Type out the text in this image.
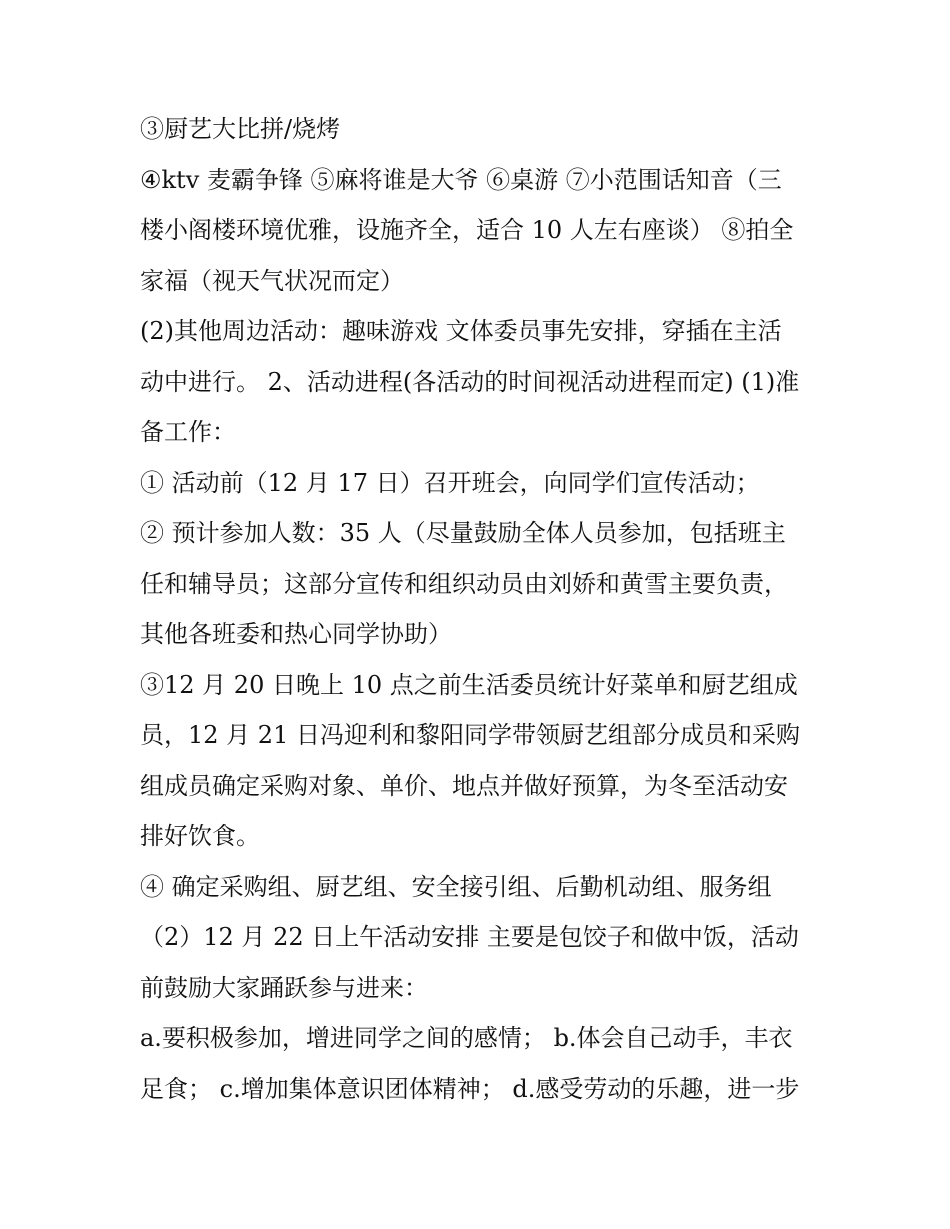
③厨艺大比拼/烧烤
④ktv 麦霸争锋 ⑤麻将谁是大爷 ⑥桌游 ⑦小范围话知音（三
楼小阁楼环境优雅，设施齐全，适合 10 人左右座谈） ⑧拍全
家福（视天气状况而定）
(2)其他周边活动：趣味游戏 文体委员事先安排，穿插在主活
动中进行。 2、活动进程(各活动的时间视活动进程而定) (1)准
备工作：
① 活动前（12 月 17 日）召开班会，向同学们宣传活动；
② 预计参加人数：35 人（尽量鼓励全体人员参加，包括班主
任和辅导员；这部分宣传和组织动员由刘娇和黄雪主要负责，
其他各班委和热心同学协助）
③12 月 20 日晚上 10 点之前生活委员统计好菜单和厨艺组成
员，12 月 21 日冯迎利和黎阳同学带领厨艺组部分成员和采购
组成员确定采购对象、单价、地点并做好预算，为冬至活动安
排好饮食。
④ 确定采购组、厨艺组、安全接引组、后勤机动组、服务组
（2）12 月 22 日上午活动安排 主要是包饺子和做中饭，活动
前鼓励大家踊跃参与进来：
a.要积极参加，增进同学之间的感情； b.体会自己动手，丰衣
足食； c.增加集体意识团体精神； d.感受劳动的乐趣，进一步
